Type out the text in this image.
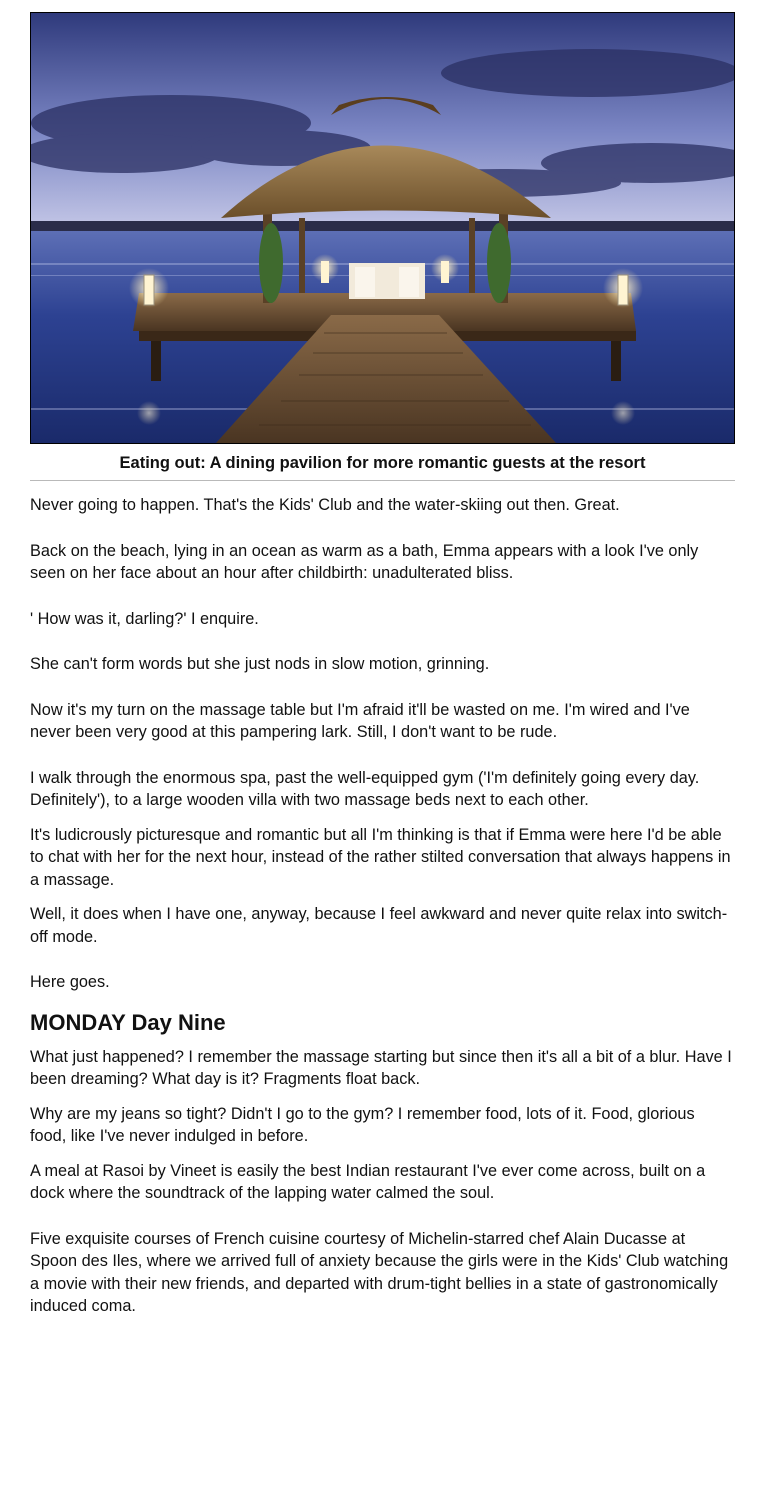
Eating out: A dining pavilion for more romantic guests at the resort

Never going to happen. That's the Kids' Club and the water-skiing out then. Great.

Back on the beach, lying in an ocean as warm as a bath, Emma appears with a look I've only seen on her face about an hour after childbirth: unadulterated bliss.

' How was it, darling?' I enquire.

She can't form words but she just nods in slow motion, grinning.

Now it's my turn on the massage table but I'm afraid it'll be wasted on me. I'm wired and I've never been very good at this pampering lark. Still, I don't want to be rude.

I walk through the enormous spa, past the well-equipped gym ('I'm definitely going every day. Definitely'), to a large wooden villa with two massage beds next to each other.

It's ludicrously picturesque and romantic but all I'm thinking is that if Emma were here I'd be able to chat with her for the next hour, instead of the rather stilted conversation that always happens in a massage.

Well, it does when I have one, anyway, because I feel awkward and never quite relax into switch-off mode.

Here goes.

MONDAY Day Nine

What just happened? I remember the massage starting but since then it's all a bit of a blur. Have I been dreaming? What day is it? Fragments float back.

Why are my jeans so tight? Didn't I go to the gym? I remember food, lots of it. Food, glorious food, like I've never indulged in before.

A meal at Rasoi by Vineet is easily the best Indian restaurant I've ever come across, built on a dock where the soundtrack of the lapping water calmed the soul.

Five exquisite courses of French cuisine courtesy of Michelin-starred chef Alain Ducasse at Spoon des Iles, where we arrived full of anxiety because the girls were in the Kids' Club watching a movie with their new friends, and departed with drum-tight bellies in a state of gastronomically induced coma.
